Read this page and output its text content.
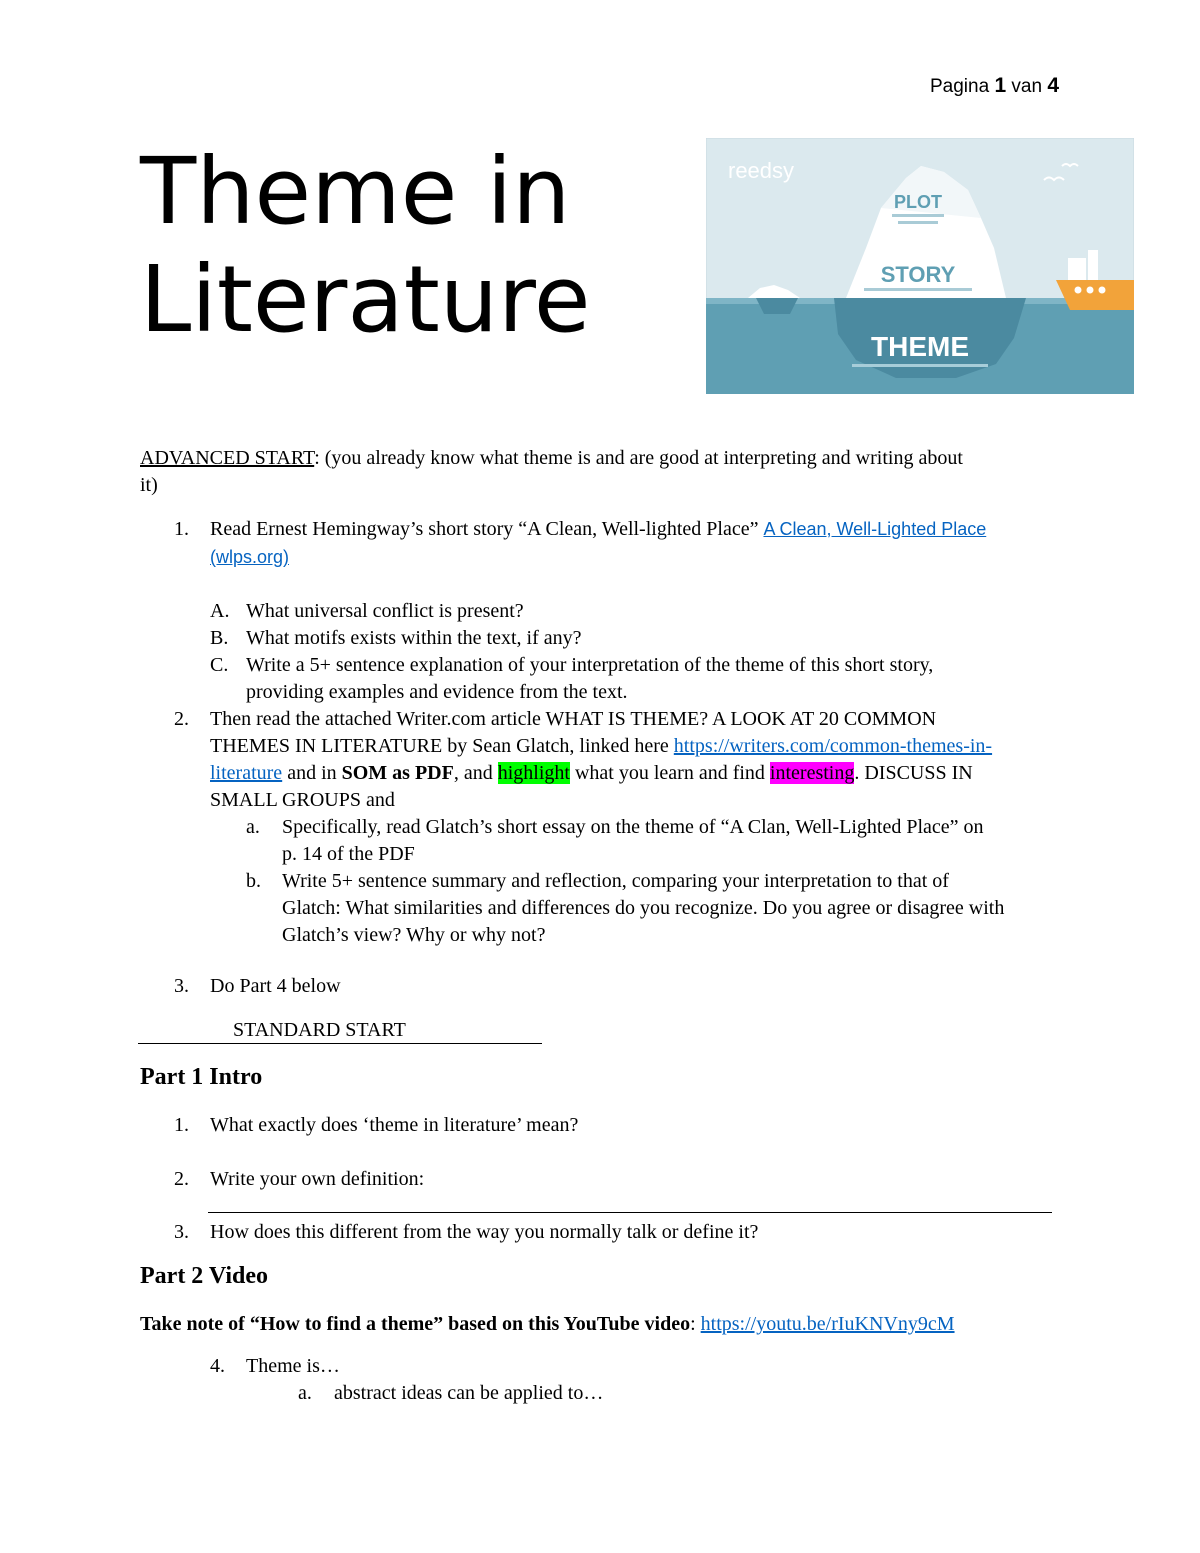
Pagina 1 van 4
Theme in
Literature
reedsy
PLOT
STORY
THEME
ADVANCED START: (you already know what theme is and are good at interpreting and writing about
it)
1. Read Ernest Hemingway’s short story “A Clean, Well-lighted Place” A Clean, Well-Lighted Place
(wlps.org)
A. What universal conflict is present?
B. What motifs exists within the text, if any?
C. Write a 5+ sentence explanation of your interpretation of the theme of this short story,
providing examples and evidence from the text.
2. Then read the attached Writer.com article WHAT IS THEME? A LOOK AT 20 COMMON
THEMES IN LITERATURE by Sean Glatch, linked here https://writers.com/common-themes-in-
literature and in SOM as PDF, and highlight what you learn and find interesting. DISCUSS IN
SMALL GROUPS and
a. Specifically, read Glatch’s short essay on the theme of “A Clan, Well-Lighted Place” on
p. 14 of the PDF
b. Write 5+ sentence summary and reflection, comparing your interpretation to that of
Glatch: What similarities and differences do you recognize. Do you agree or disagree with
Glatch’s view? Why or why not?
3. Do Part 4 below
STANDARD START
Part 1 Intro
1. What exactly does ‘theme in literature’ mean?
2. Write your own definition:
3. How does this different from the way you normally talk or define it?
Part 2 Video
Take note of “How to find a theme” based on this YouTube video: https://youtu.be/rIuKNVny9cM
4. Theme is…
a. abstract ideas can be applied to…
